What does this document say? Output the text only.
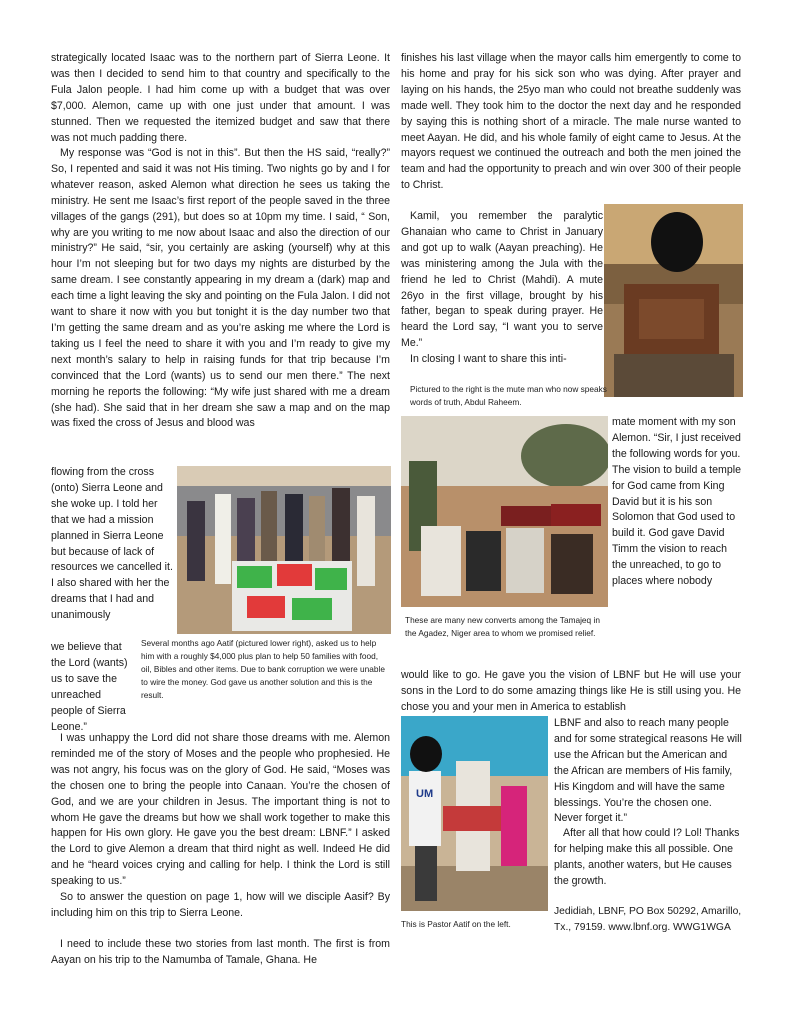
strategically located Isaac was to the northern part of Sierra Leone. It was then I decided to send him to that country and specifically to the Fula Jalon people. I had him come up with a budget that was over $7,000. Alemon, came up with one just under that amount. I was stunned. Then we requested the itemized budget and saw that there was not much padding there.

My response was “God is not in this”. But then the HS said, “really?” So, I repented and said it was not His timing. Two nights go by and I for whatever reason, asked Alemon what direction he sees us taking the ministry. He sent me Isaac’s first report of the people saved in the three villages of the gangs (291), but does so at 10pm my time. I said, “ Son, why are you writing to me now about Isaac and also the direction of our ministry?” He said, “sir, you certainly are asking (yourself) why at this hour I’m not sleeping but for two days my nights are disturbed by the same dream. I see constantly appearing in my dream a (dark) map and each time a light leaving the sky and pointing on the Fula Jalon. I did not want to share it now with you but tonight it is the day number two that I’m getting the same dream and as you’re asking me where the Lord is taking us I feel the need to share it with you and I’m ready to give my next month’s salary to help in raising funds for that trip because I’m convinced that the Lord (wants) us to send our men there.” The next morning he reports the following: “My wife just shared with me a dream (she had). She said that in her dream she saw a map and on the map was fixed the cross of Jesus and blood was

flowing from the cross (onto) Sierra Leone and she woke up. I told her that we had a mission planned in Sierra Leone but because of lack of resources we cancelled it. I also shared with her the dreams that I had and unanimously

we believe that the Lord (wants) us to save the unreached people of Sierra Leone.”

Several months ago Aatif (pictured lower right), asked us to help him with a roughly $4,000 plus plan to help 50 families with food, oil, Bibles and other items. Due to bank corruption we were unable to wire the money. God gave us another solution and this is the result.

I was unhappy the Lord did not share those dreams with me. Alemon reminded me of the story of Moses and the people who prophesied. He was not angry, his focus was on the glory of God. He said, “Moses was the chosen one to bring the people into Canaan. You’re the chosen of God, and we are your children in Jesus. The important thing is not to whom He gave the dreams but how we shall work together to make this happen for His own glory. He gave you the best dream: LBNF.” I asked the Lord to give Alemon a dream that third night as well. Indeed He did and he “heard voices crying and calling for help. I think the Lord is still speaking to us.”

So to answer the question on page 1, how will we disciple Aasif? By including him on this trip to Sierra Leone.

I need to include these two stories from last month. The first is from Aayan on his trip to the Namumba of Tamale, Ghana. He

finishes his last village when the mayor calls him emergently to come to his home and pray for his sick son who was dying. After prayer and laying on his hands, the 25yo man who could not breathe suddenly was made well. They took him to the doctor the next day and he responded by saying this is nothing short of a miracle. The male nurse wanted to meet Aayan. He did, and his whole family of eight came to Jesus. At the mayors request we continued the outreach and both the men joined the team and had the opportunity to preach and win over 300 of their people to Christ.

Kamil, you remember the paralytic Ghanaian who came to Christ in January and got up to walk (Aayan preaching). He was ministering among the Jula with the friend he led to Christ (Mahdi). A mute 26yo in the first village, brought by his father, began to speak during prayer. He heard the Lord say, “I want you to serve Me.”

In closing I want to share this inti-

Pictured to the right is the mute man who now speaks words of truth, Abdul Raheem.

These are many new converts among the Tamajeq in the Agadez, Niger area to whom we promised relief.

mate moment with my son Alemon. “Sir, I just received the following words for you. The vision to build a temple for God came from King David but it is his son Solomon that God used to build it. God gave David Timm the vision to reach the unreached, to go to places where nobody

would like to go. He gave you the vision of LBNF but He will use your sons in the Lord to do some amazing things like He is still using you. He chose you and your men in America to establish

UM

This is Pastor Aatif on the left.

LBNF and also to reach many people and for some strategical reasons He will use the African but the American and the African are members of His family, His Kingdom and will have the same blessings. You’re the chosen one. Never forget it.”

After all that how could I? Lol! Thanks for helping make this all possible. One plants, another waters, but He causes the growth.

Jedidiah, LBNF, PO Box 50292, Amarillo, Tx., 79159. www.lbnf.org. WWG1WGA
